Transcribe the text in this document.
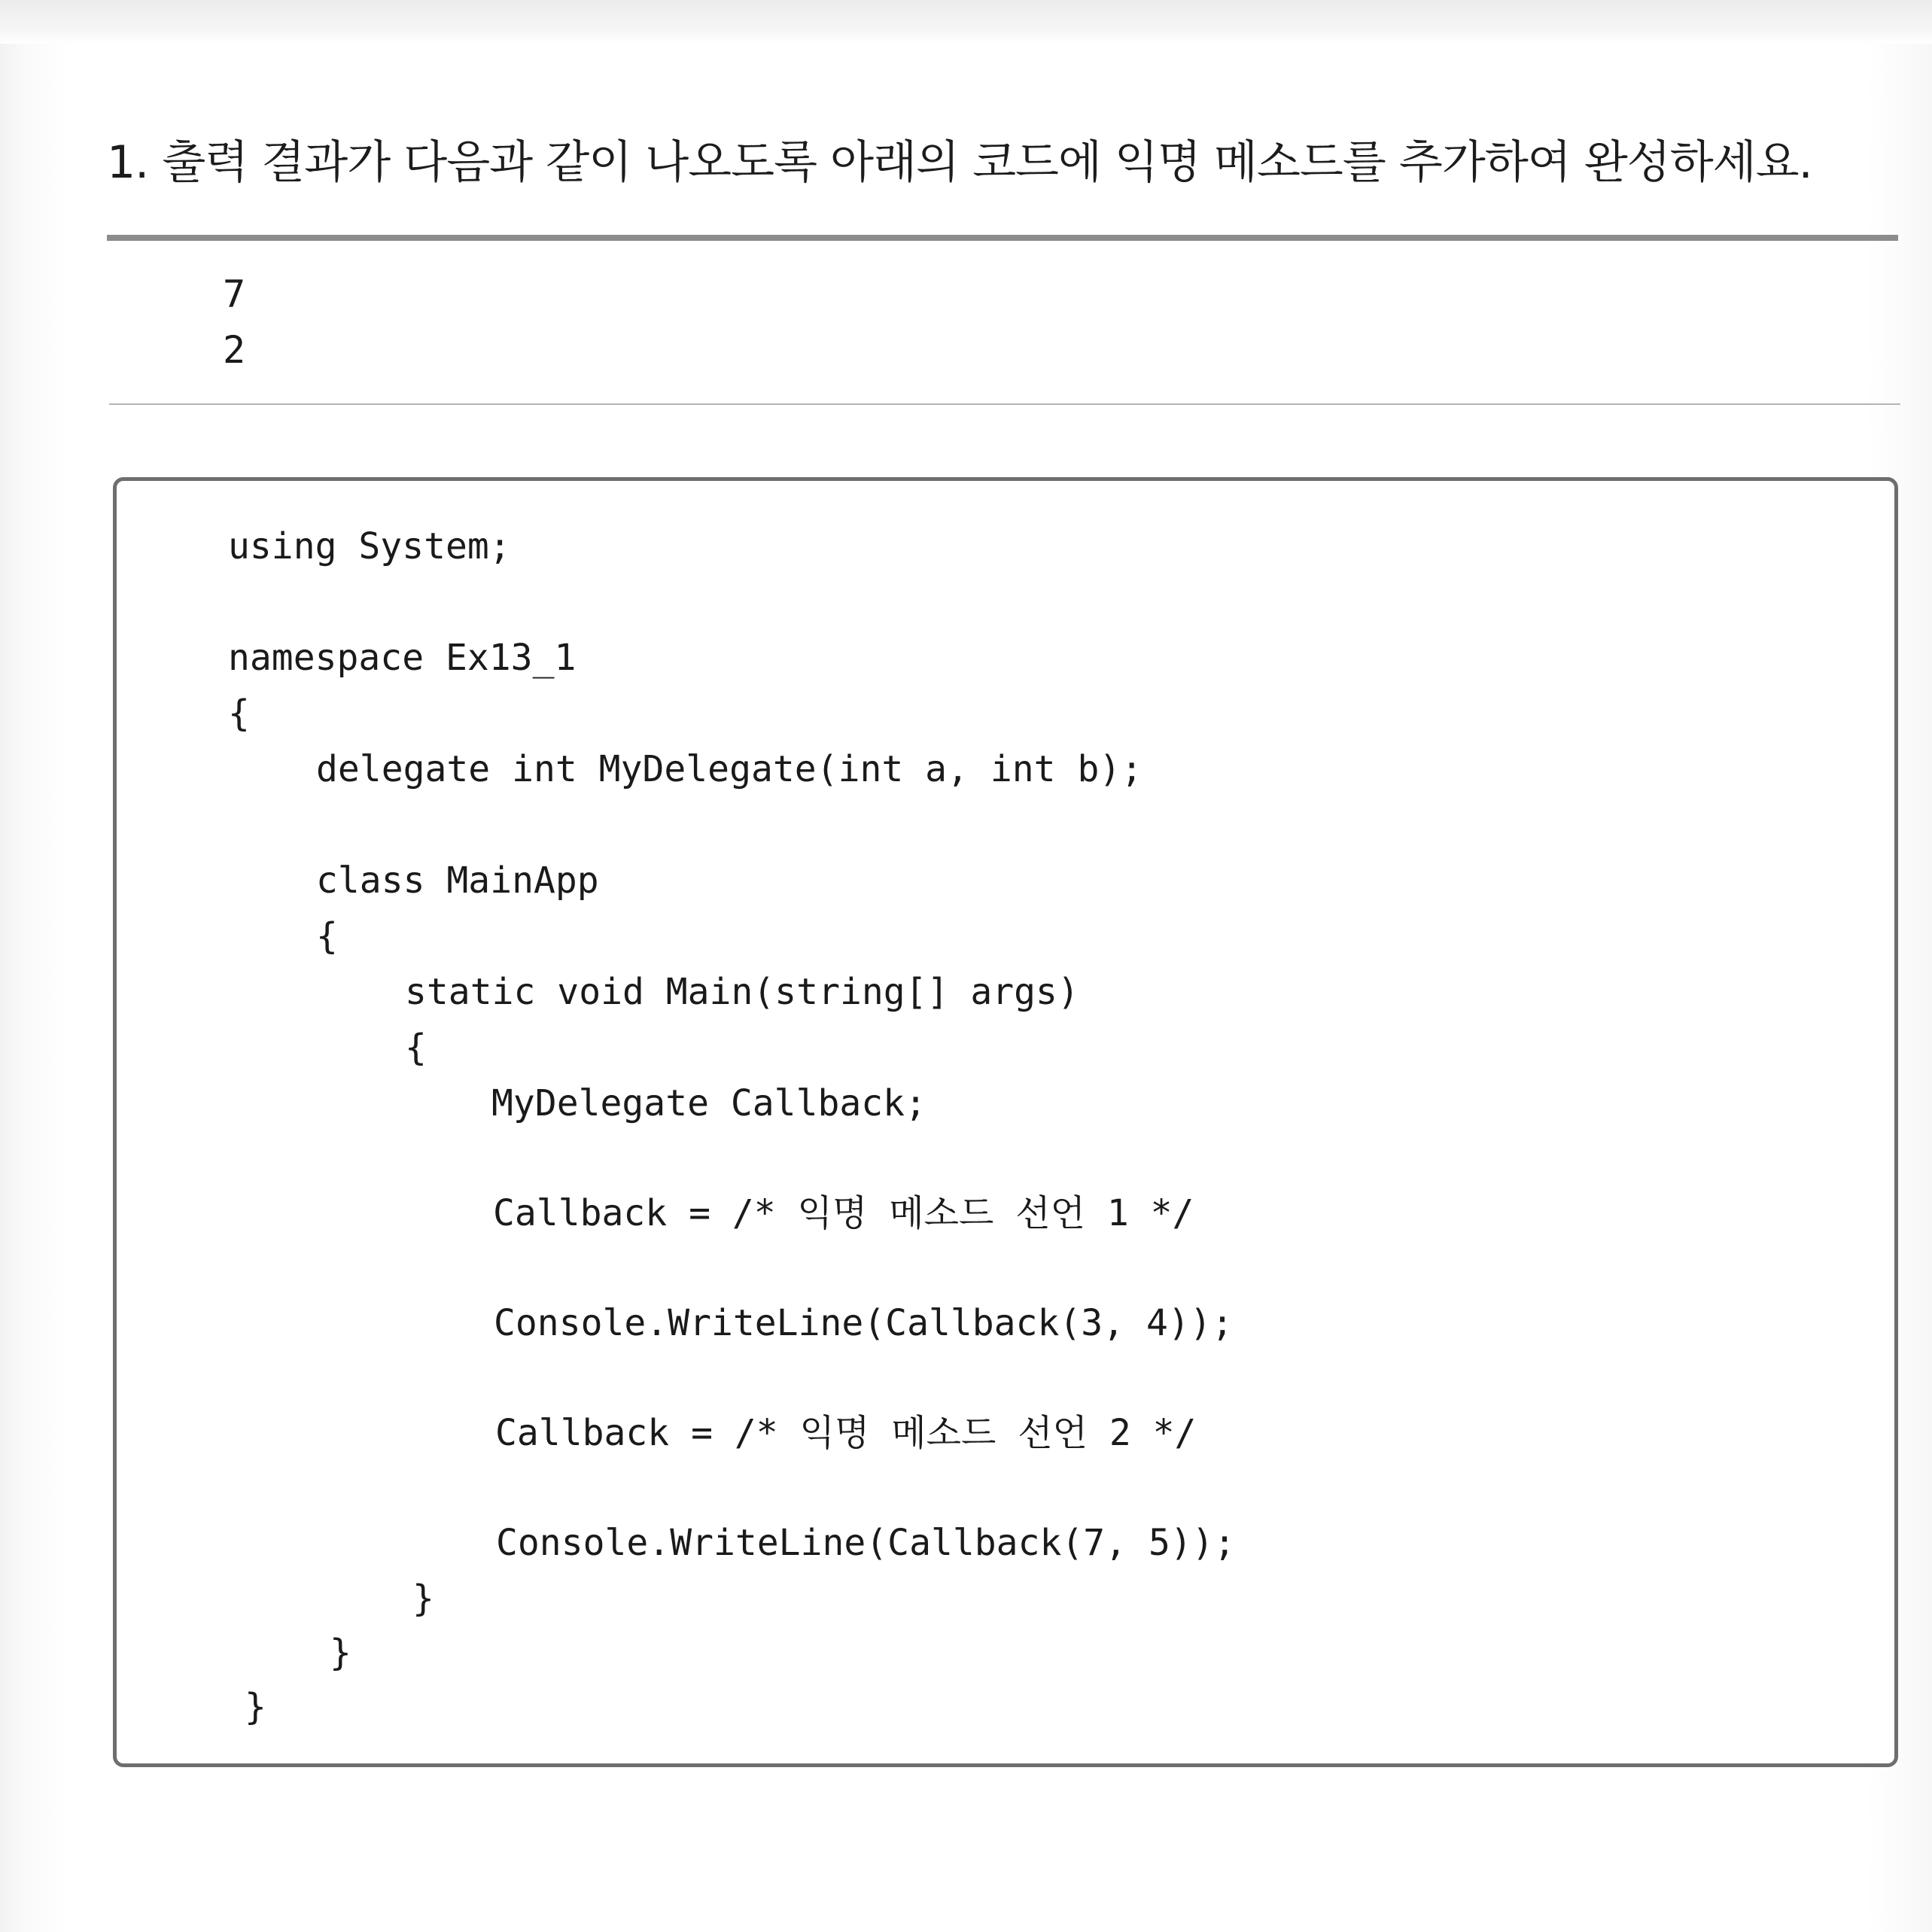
1. 출력 결과가 다음과 같이 나오도록 아래의 코드에 익명 메소드를 추가하여 완성하세요.
7
2
using System;
namespace Ex13_1
{
delegate int MyDelegate(int a, int b);
class MainApp
{
static void Main(string[] args)
{
MyDelegate Callback;
Callback = /* 익명 메소드 선언 1 */
Console.WriteLine(Callback(3, 4));
Callback = /* 익명 메소드 선언 2 */
Console.WriteLine(Callback(7, 5));
}
}
}
